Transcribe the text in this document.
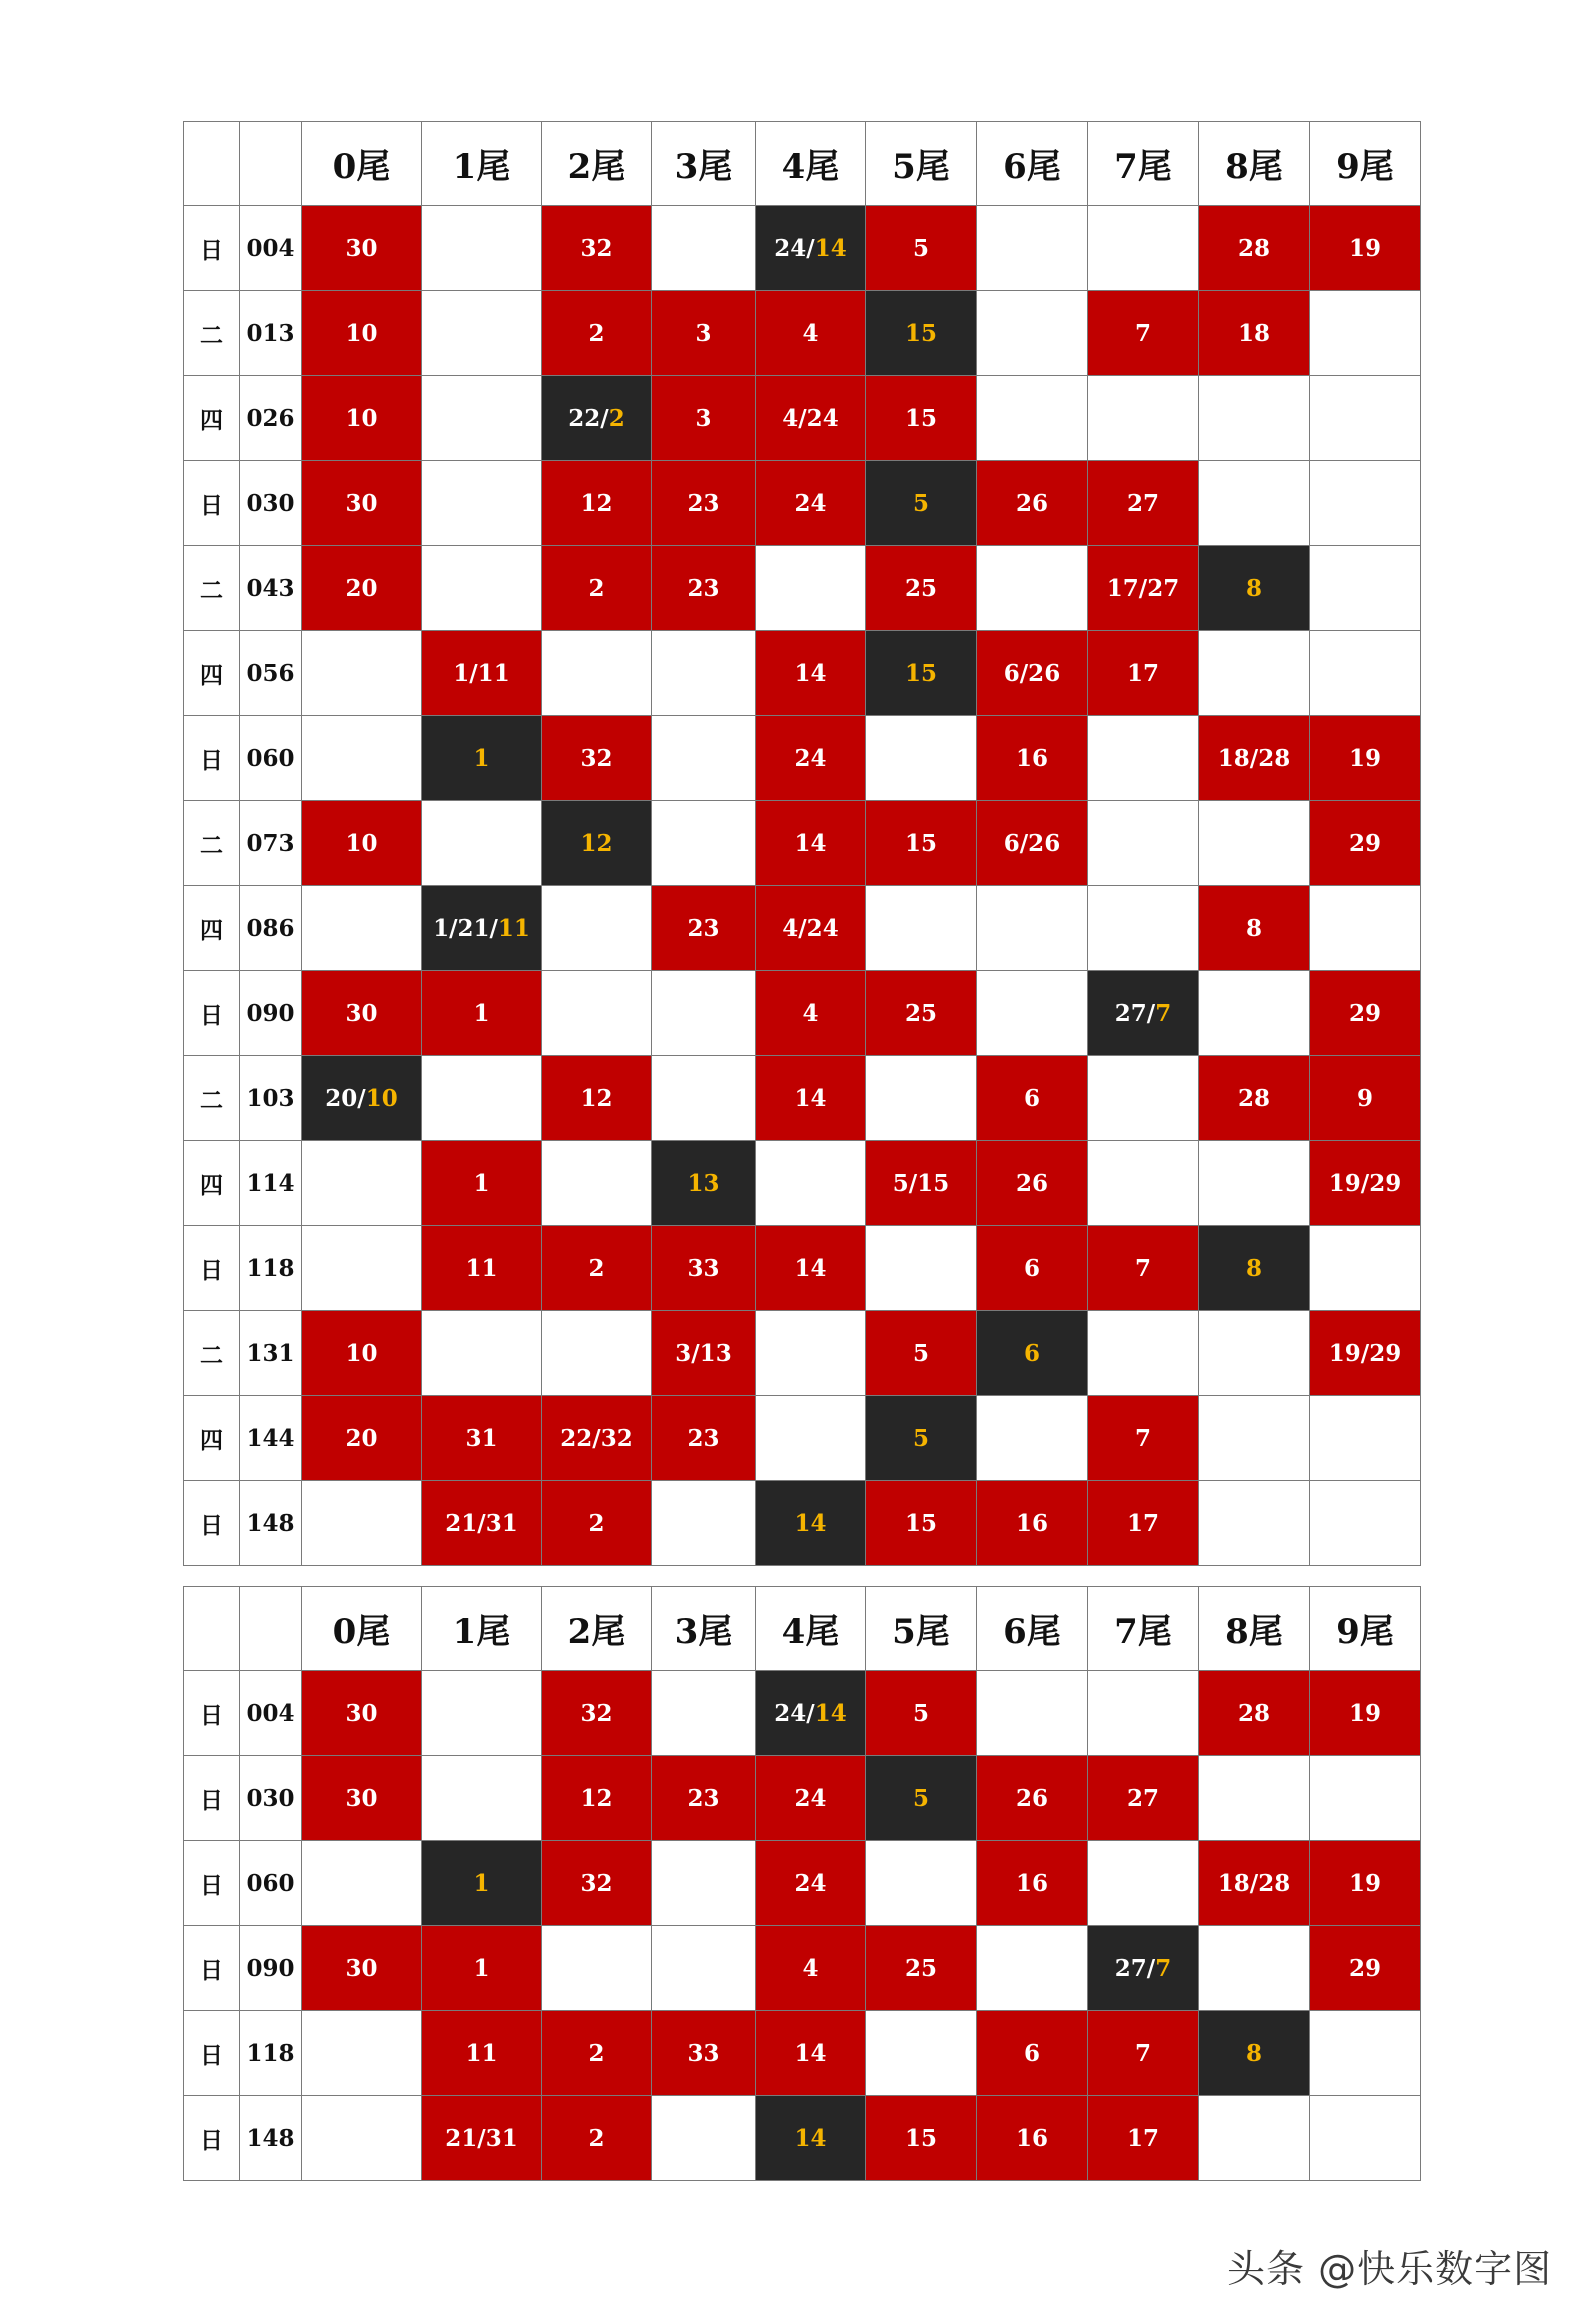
		0尾	1尾	2尾	3尾	4尾	5尾	6尾	7尾	8尾	9尾
日	004	30		32		24/14	5			28	19
二	013	10		2	3	4	15		7	18	
四	026	10		22/2	3	4/24	15				
日	030	30		12	23	24	5	26	27		
二	043	20		2	23		25		17/27	8	
四	056		1/11			14	15	6/26	17		
日	060		1	32		24		16		18/28	19
二	073	10		12		14	15	6/26			29
四	086		1/21/11		23	4/24				8	
日	090	30	1			4	25		27/7		29
二	103	20/10		12		14		6		28	9
四	114		1		13		5/15	26			19/29
日	118		11	2	33	14		6	7	8	
二	131	10			3/13		5	6			19/29
四	144	20	31	22/32	23		5		7		
日	148		21/31	2		14	15	16	17		
		0尾	1尾	2尾	3尾	4尾	5尾	6尾	7尾	8尾	9尾
日	004	30		32		24/14	5			28	19
日	030	30		12	23	24	5	26	27		
日	060		1	32		24		16		18/28	19
日	090	30	1			4	25		27/7		29
日	118		11	2	33	14		6	7	8	
日	148		21/31	2		14	15	16	17		
头条 @快乐数字图
